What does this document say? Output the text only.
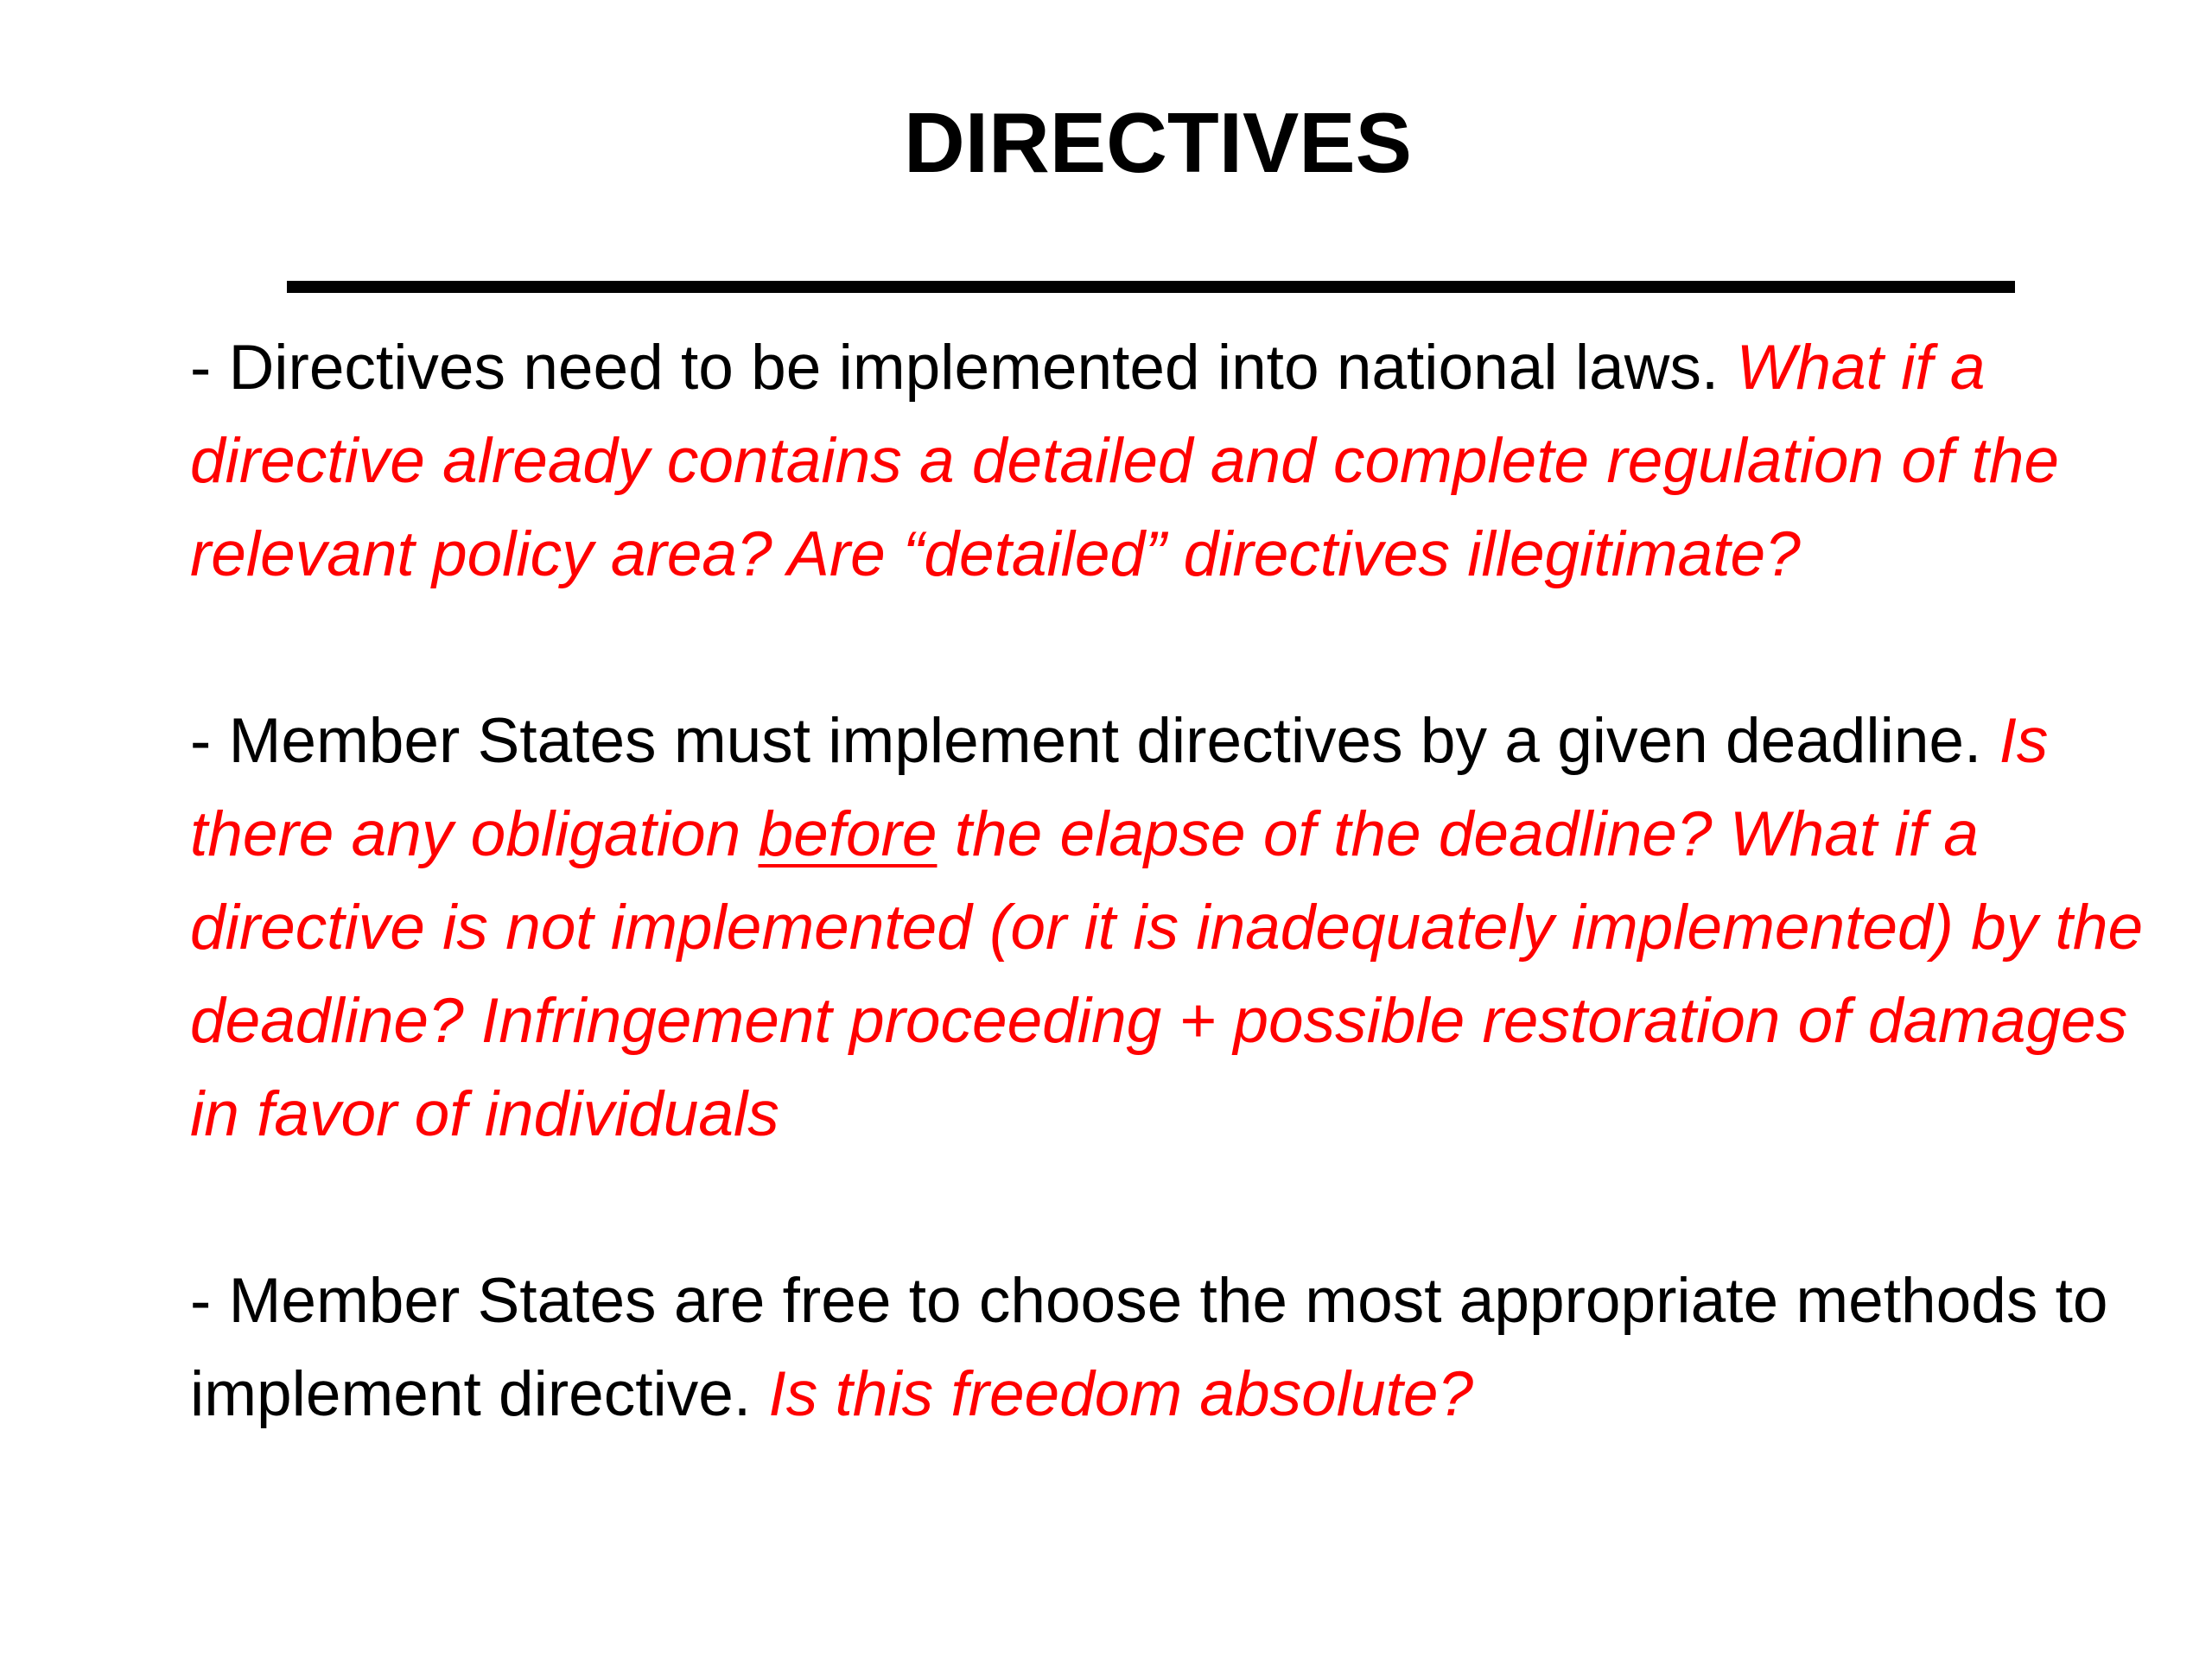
DIRECTIVES

- Directives need to be implemented into national laws. What if a directive already contains a detailed and complete regulation of the relevant policy area? Are “detailed” directives illegitimate?

- Member States must implement directives by a given deadline. Is there any obligation before the elapse of the deadline? What if a directive is not implemented (or it is inadequately implemented) by the deadline? Infringement proceeding + possible restoration of damages in favor of individuals

- Member States are free to choose the most appropriate methods to implement directive. Is this freedom absolute?
